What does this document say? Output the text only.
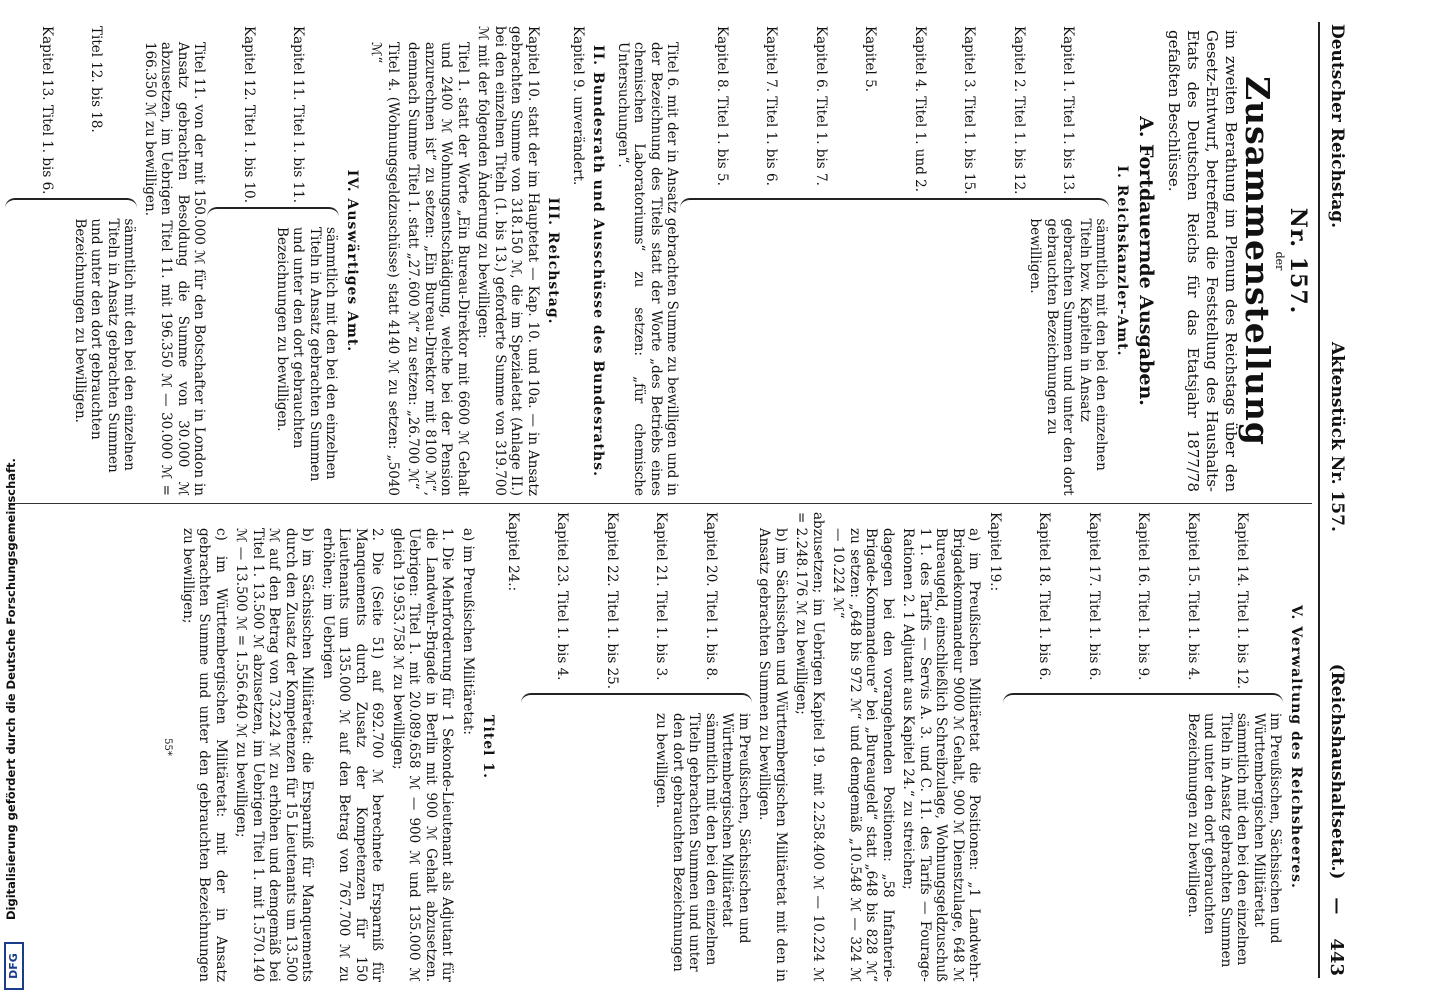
Deutscher Reichstag.
Aktenstück Nr. 157.
(Reichshaushaltsetat.)
—
443
Nr. 157.
der
Zusammenstellung

im zweiten Berathung im Plenum des Reichstags über den Gesetz-Entwurf, betreffend die Feststellung des Haushalts-Etats des Deutschen Reichs für das Etatsjahr 1877/78 gefaßten Beschlüsse.

A. Fortdauernde Ausgaben.
I. Reichskanzler-Amt.

Kapitel 1. Titel 1. bis 13.

Kapitel 2. Titel 1. bis 12.

Kapitel 3. Titel 1. bis 15.

Kapitel 4. Titel 1. und 2.

Kapitel 5.

Kapitel 6. Titel 1. bis 7.

Kapitel 7. Titel 1. bis 6.

Kapitel 8. Titel 1. bis 5.

sämmtlich mit den bei den einzelnen Titeln bzw. Kapiteln in Ansatz gebrachten Summen und unter den dort gebrauchten Bezeichnungen zu bewilligen.

Titel 6. mit der in Ansatz gebrachten Summe zu bewilligen und in der Bezeichnung des Titels statt der Worte „des Betriebs eines chemischen Laboratoriums“ zu setzen: „für chemische Untersuchungen“.

II. Bundesrath und Ausschüsse des Bundesraths.

Kapitel 9. unverändert.

III. Reichstag.

Kapitel 10. statt der im Hauptetat — Kap. 10. und 10a. — in Ansatz gebrachten Summe von 318.150 ℳ, die im Spezialetat (Anlage II.) bei den einzelnen Titeln (1. bis 13.) geforderte Summe von 319.700 ℳ mit der folgenden Änderung zu bewilligen:

Titel 1. statt der Worte „Ein Bureau-Direktor mit 6600 ℳ Gehalt und 2400 ℳ Wohnungsentschädigung, welche bei der Pension anzurechnen ist“ zu setzen: „Ein Bureau-Direktor mit 8100 ℳ“, demnach Summe Titel 1. statt „27.600 ℳ“ zu setzen: „26.700 ℳ“

Titel 4. (Wohnungsgeldzuschüsse) statt 4140 ℳ zu setzen: „5040 ℳ“

IV. Auswärtiges Amt.

Kapitel 11. Titel 1. bis 11.

Kapitel 12. Titel 1. bis 10.

sämmtlich mit den bei den einzelnen Titeln in Ansatz gebrachten Summen und unter den dort gebrauchten Bezeichnungen zu bewilligen.

Titel 11. von der mit 150.000 ℳ für den Botschafter in London in Ansatz gebrachten Besoldung die Summe von 30.000 ℳ abzusetzen, im Uebrigen Titel 11. mit 196.350 ℳ — 30.000 ℳ = 166.350 ℳ zu bewilligen.

Titel 12. bis 18.

Kapitel 13. Titel 1. bis 6.

sämmtlich mit den bei den einzelnen Titeln in Ansatz gebrachten Summen und unter den dort gebrauchten Bezeichnungen zu bewilligen.
V. Verwaltung des Reichsheeres.

Kapitel 14. Titel 1. bis 12.

Kapitel 15. Titel 1. bis 4.

Kapitel 16. Titel 1. bis 9.

Kapitel 17. Titel 1. bis 6.

Kapitel 18. Titel 1. bis 6.

im Preußischen, Sächsischen und Württembergischen Militäretat sämmtlich mit den bei den einzelnen Titeln in Ansatz gebrachten Summen und unter den dort gebrauchten Bezeichnungen zu bewilligen.

Kapitel 19.:

a) im Preußischen Militäretat die Positionen: „1 Landwehr-Brigadekommandeur 9000 ℳ Gehalt, 900 ℳ Dienstzulage, 648 ℳ Bureaugeld, einschließlich Schreibzulage, Wohnungsgeldzuschuß 1 1. des Tarifs — Servis A. 3. und C. 11. des Tarifs — Fourage-Rationen 2. 1 Adjutant aus Kapitel 24.“ zu streichen;

dagegen bei den vorangehenden Positionen: „58 Infanterie-Brigade-Kommandeure“ bei „Bureaugeld“ statt „648 bis 828 ℳ“ zu setzen: „648 bis 972 ℳ“ und demgemäß „10.548 ℳ — 324 ℳ — 10.224 ℳ“

abzusetzen; im Uebrigen Kapitel 19. mit 2.258.400 ℳ — 10.224 ℳ = 2.248.176 ℳ zu bewilligen;

b) im Sächsischen und Württembergischen Militäretat mit den in Ansatz gebrachten Summen zu bewilligen.

Kapitel 20. Titel 1. bis 8.

Kapitel 21. Titel 1. bis 3.

Kapitel 22. Titel 1. bis 25.

Kapitel 23. Titel 1. bis 4.

im Preußischen, Sächsischen und Württembergischen Militäretat sämmtlich mit den bei den einzelnen Titeln gebrachten Summen und unter den dort gebrauchten Bezeichnungen zu bewilligen.

Kapitel 24.:

Titel 1.

a) im Preußischen Militäretat:

1. Die Mehrforderung für 1 Sekonde-Lieutenant als Adjutant für die Landwehr-Brigade in Berlin mit 900 ℳ Gehalt abzusetzen. Uebrigen: Titel 1. mit 20.089.658 ℳ — 900 ℳ und 135.000 ℳ gleich 19.953.758 ℳ zu bewilligen;

2. Die (Seite 51) auf 692.700 ℳ berechnete Ersparniß für Manquements durch Zusatz der Kompetenzen für 150 Lieutenants um 135.000 ℳ auf den Betrag von 767.700 ℳ zu erhöhen; im Uebrigen

b) im Sächsischen Militäretat: die Ersparniß für Manquements durch den Zusatz der Kompetenzen für 15 Lieutenants um 13.500 ℳ auf den Betrag von 73.224 ℳ zu erhöhen und demgemäß bei Titel 1. 13.500 ℳ abzusetzen, im Uebrigen Titel 1. mit 1.570.140 ℳ — 13.500 ℳ = 1.556.640 ℳ zu bewilligen;

c) im Württembergischen Militäretat: mit der in Ansatz gebrachten Summe und unter den gebrauchten Bezeichnungen zu bewilligen;

55*
DFG
Digitalisierung gefördert durch die Deutsche Forschungsgemeinschaft.
